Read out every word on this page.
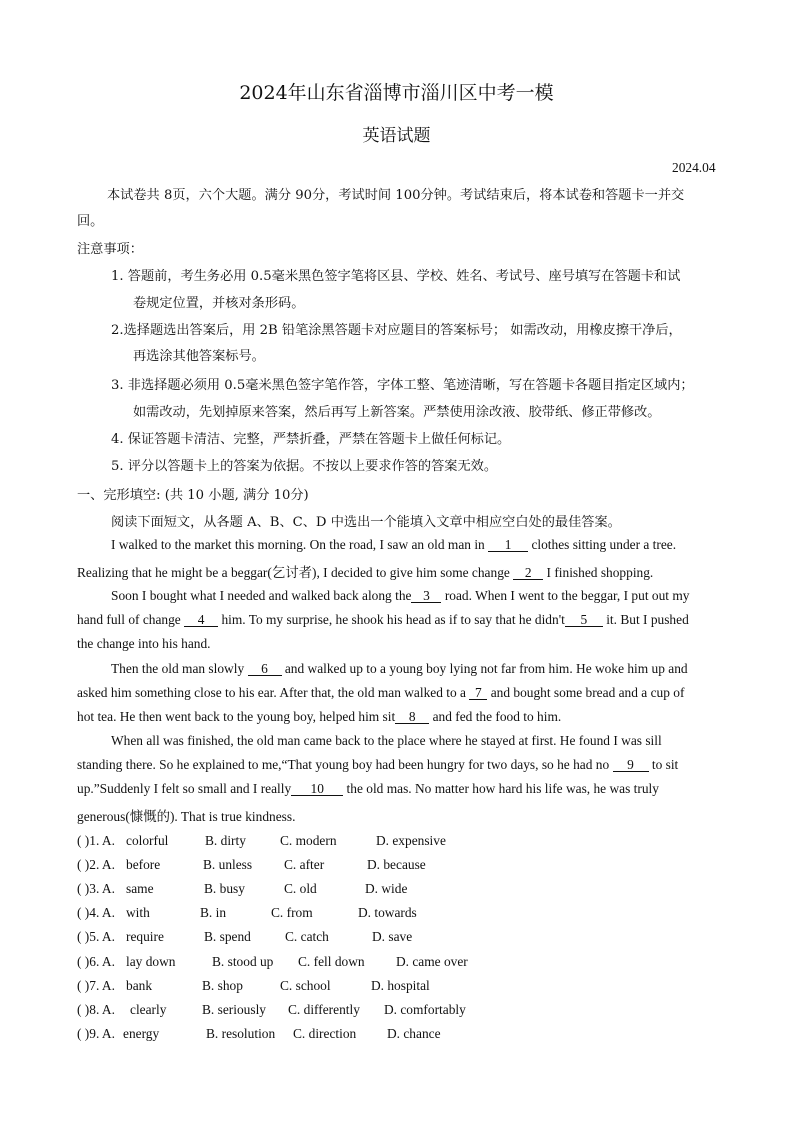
2024年山东省淄博市淄川区中考一模
英语试题
2024.04
本试卷共 8页，六个大题。满分 90分，考试时间 100分钟。考试结束后，将本试卷和答题卡一并交
回。
注意事项：
1. 答题前，考生务必用 0.5毫米黑色签字笔将区县、学校、姓名、考试号、座号填写在答题卡和试
卷规定位置，并核对条形码。
2.选择题选出答案后，用 2B 铅笔涂黑答题卡对应题目的答案标号； 如需改动，用橡皮擦干净后，
再选涂其他答案标号。
3. 非选择题必须用 0.5毫米黑色签字笔作答，字体工整、笔迹清晰，写在答题卡各题目指定区域内；
如需改动，先划掉原来答案，然后再写上新答案。严禁使用涂改液、胶带纸、修正带修改。
4. 保证答题卡清洁、完整，严禁折叠，严禁在答题卡上做任何标记。
5. 评分以答题卡上的答案为依据。不按以上要求作答的答案无效。
一、完形填空: (共 10 小题, 满分 10分)
阅读下面短文，从各题 A、B、C、D 中选出一个能填入文章中相应空白处的最佳答案。
I walked to the market this morning. On the road, I saw an old man in 1 clothes sitting under a tree.
Realizing that he might be a beggar(乞讨者), I decided to give him some change 2 I finished shopping.
Soon I bought what I needed and walked back along the 3 road. When I went to the beggar, I put out my
hand full of change 4 him. To my surprise, he shook his head as if to say that he didn't 5 it. But I pushed
the change into his hand.
Then the old man slowly 6 and walked up to a young boy lying not far from him. He woke him up and
asked him something close to his ear. After that, the old man walked to a 7 and bought some bread and a cup of
hot tea. He then went back to the young boy, helped him sit 8 and fed the food to him.
When all was finished, the old man came back to the place where he stayed at first. He found I was sill
standing there. So he explained to me,“That young boy had been hungry for two days, so he had no 9 to sit
up.”Suddenly I felt so small and I really 10 the old mas. No matter how hard his life was, he was truly
generous(慷慨的). That is true kindness.
( )1. A. colorful	B. dirty	C. modern	D. expensive
( )2. A. before	B. unless C. after	D. because
( )3. A. same	B. busy	C. old	D. wide
( )4. A. with	B. in	C. from	D. towards
( )5. A. require	B. spend	C. catch	D. save
( )6. A. lay down	B. stood up C. fell down D. came over
( )7. A. bank	B. shop	C. school	D. hospital
( )8. A. clearly	B. seriously C. differently D. comfortably
( )9. A. energy	B. resolution C. direction D. chance
